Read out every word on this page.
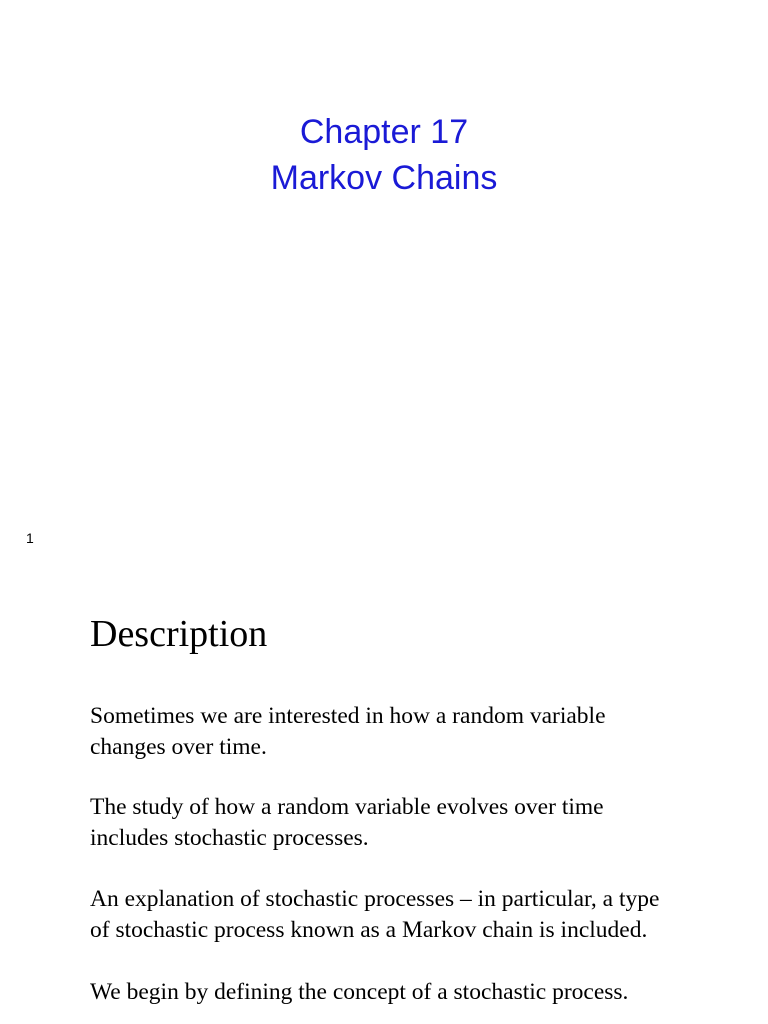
Chapter 17
Markov Chains
1
Description
Sometimes we are interested in how a random variable
changes over time.
The study of how a random variable evolves over time
includes stochastic processes.
An explanation of stochastic processes – in particular, a type
of stochastic process known as a Markov chain is included.
We begin by defining the concept of a stochastic process.
